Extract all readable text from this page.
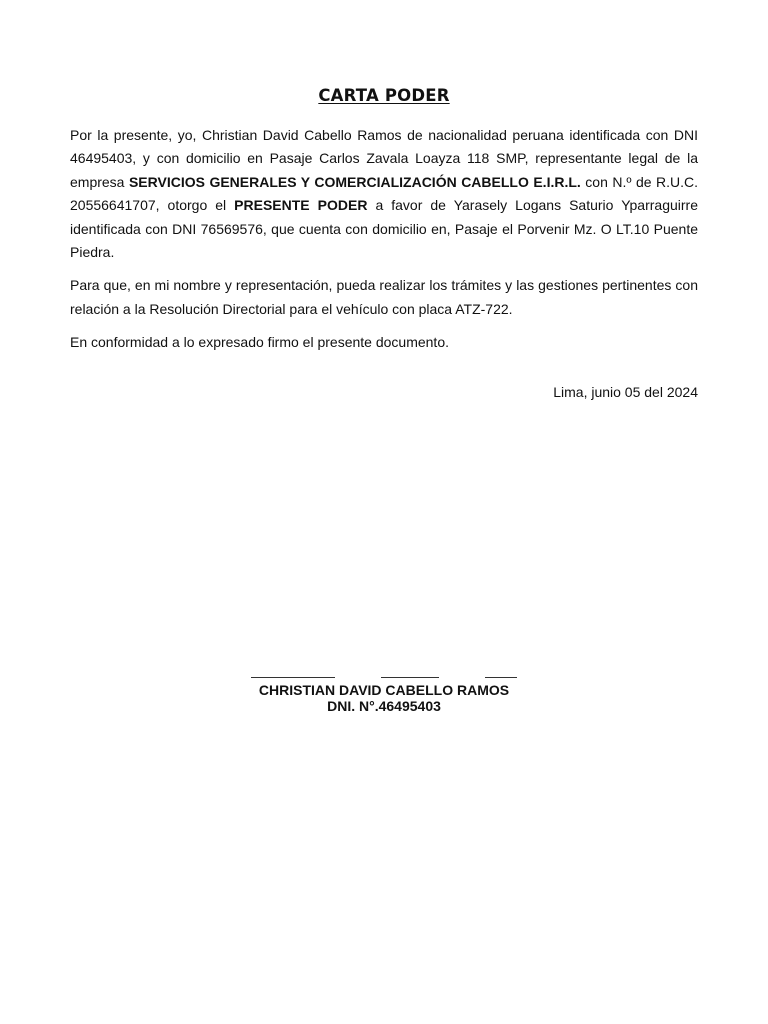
CARTA PODER

Por la presente, yo, Christian David Cabello Ramos de nacionalidad peruana identificada con DNI 46495403, y con domicilio en Pasaje Carlos Zavala Loayza 118 SMP, representante legal de la empresa SERVICIOS GENERALES Y COMERCIALIZACIÓN CABELLO E.I.R.L. con N.º de R.U.C. 20556641707, otorgo el PRESENTE PODER a favor de Yarasely Logans Saturio Yparraguirre identificada con DNI 76569576, que cuenta con domicilio en, Pasaje el Porvenir Mz. O LT.10 Puente Piedra.

Para que, en mi nombre y representación, pueda realizar los trámites y las gestiones pertinentes con relación a la Resolución Directorial para el vehículo con placa ATZ-722.

En conformidad a lo expresado firmo el presente documento.

Lima, junio 05 del 2024
CHRISTIAN DAVID CABELLO RAMOS
DNI. N°.46495403
